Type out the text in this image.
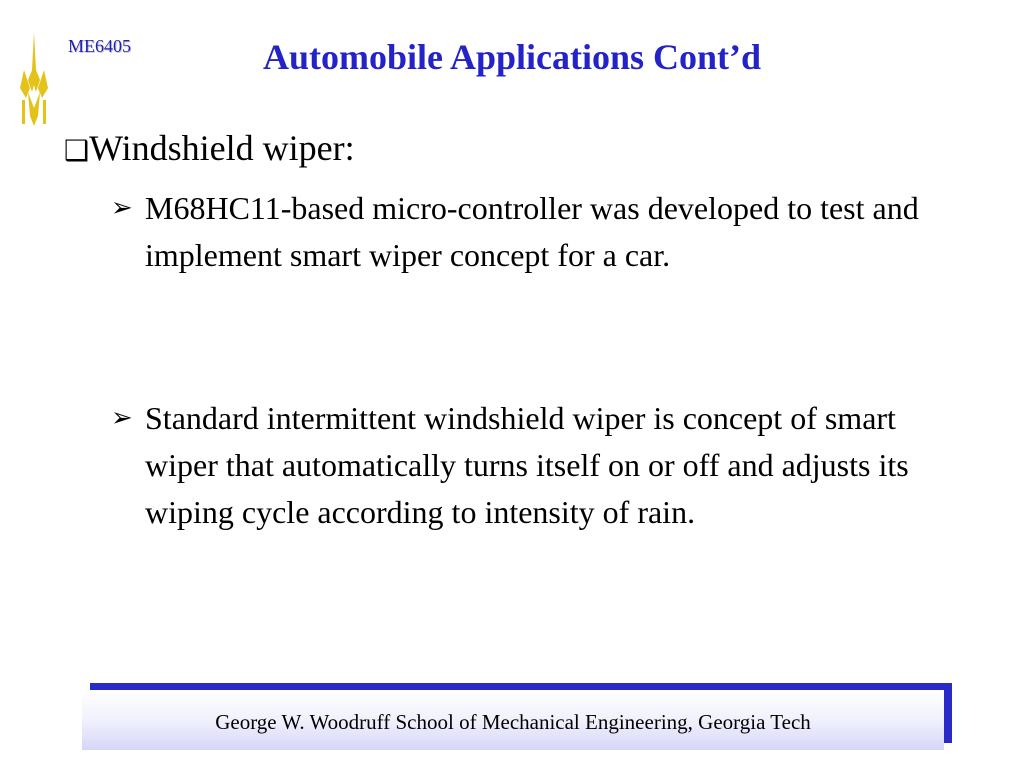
ME6405	Automobile Applications Cont’d
❑Windshield wiper:
➢ M68HC11-based micro-controller was developed to test and implement smart wiper concept for a car.
➢ Standard intermittent windshield wiper is concept of smart wiper that automatically turns itself on or off and adjusts its wiping cycle according to intensity of rain.
George W. Woodruff School of Mechanical Engineering, Georgia Tech
